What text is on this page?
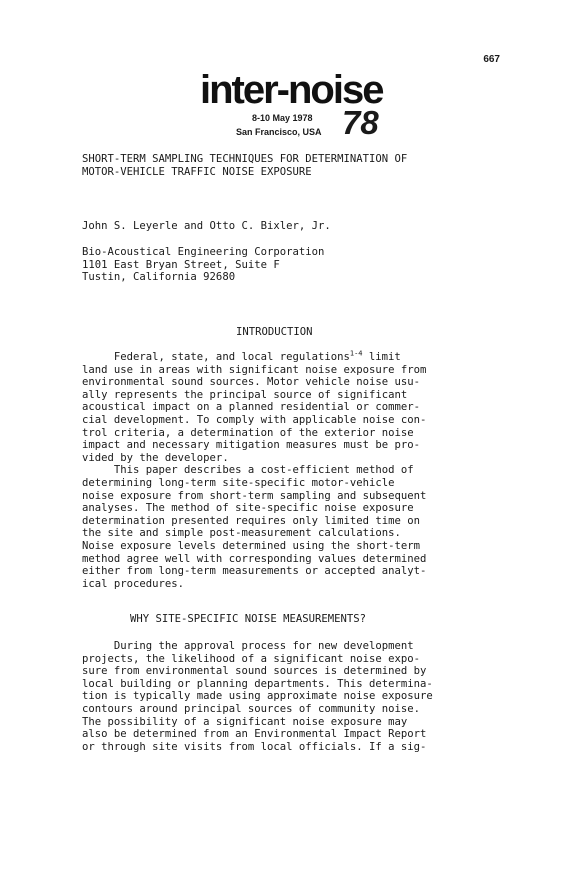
667
inter-noise
8-10 May 1978
San Francisco, USA 78
SHORT-TERM SAMPLING TECHNIQUES FOR DETERMINATION OF
MOTOR-VEHICLE TRAFFIC NOISE EXPOSURE
John S. Leyerle and Otto C. Bixler, Jr.
Bio-Acoustical Engineering Corporation
1101 East Bryan Street, Suite F
Tustin, California 92680
INTRODUCTION
Federal, state, and local regulations$^{1-4}$ limit
land use in areas with significant noise exposure from
environmental sound sources. Motor vehicle noise usu-
ally represents the principal source of significant
acoustical impact on a planned residential or commer-
cial development. To comply with applicable noise con-
trol criteria, a determination of the exterior noise
impact and necessary mitigation measures must be pro-
vided by the developer.
This paper describes a cost-efficient method of
determining long-term site-specific motor-vehicle
noise exposure from short-term sampling and subsequent
analyses. The method of site-specific noise exposure
determination presented requires only limited time on
the site and simple post-measurement calculations.
Noise exposure levels determined using the short-term
method agree well with corresponding values determined
either from long-term measurements or accepted analyt-
ical procedures.
WHY SITE-SPECIFIC NOISE MEASUREMENTS?
During the approval process for new development
projects, the likelihood of a significant noise expo-
sure from environmental sound sources is determined by
local building or planning departments. This determina-
tion is typically made using approximate noise exposure
contours around principal sources of community noise.
The possibility of a significant noise exposure may
also be determined from an Environmental Impact Report
or through site visits from local officials. If a sig-
